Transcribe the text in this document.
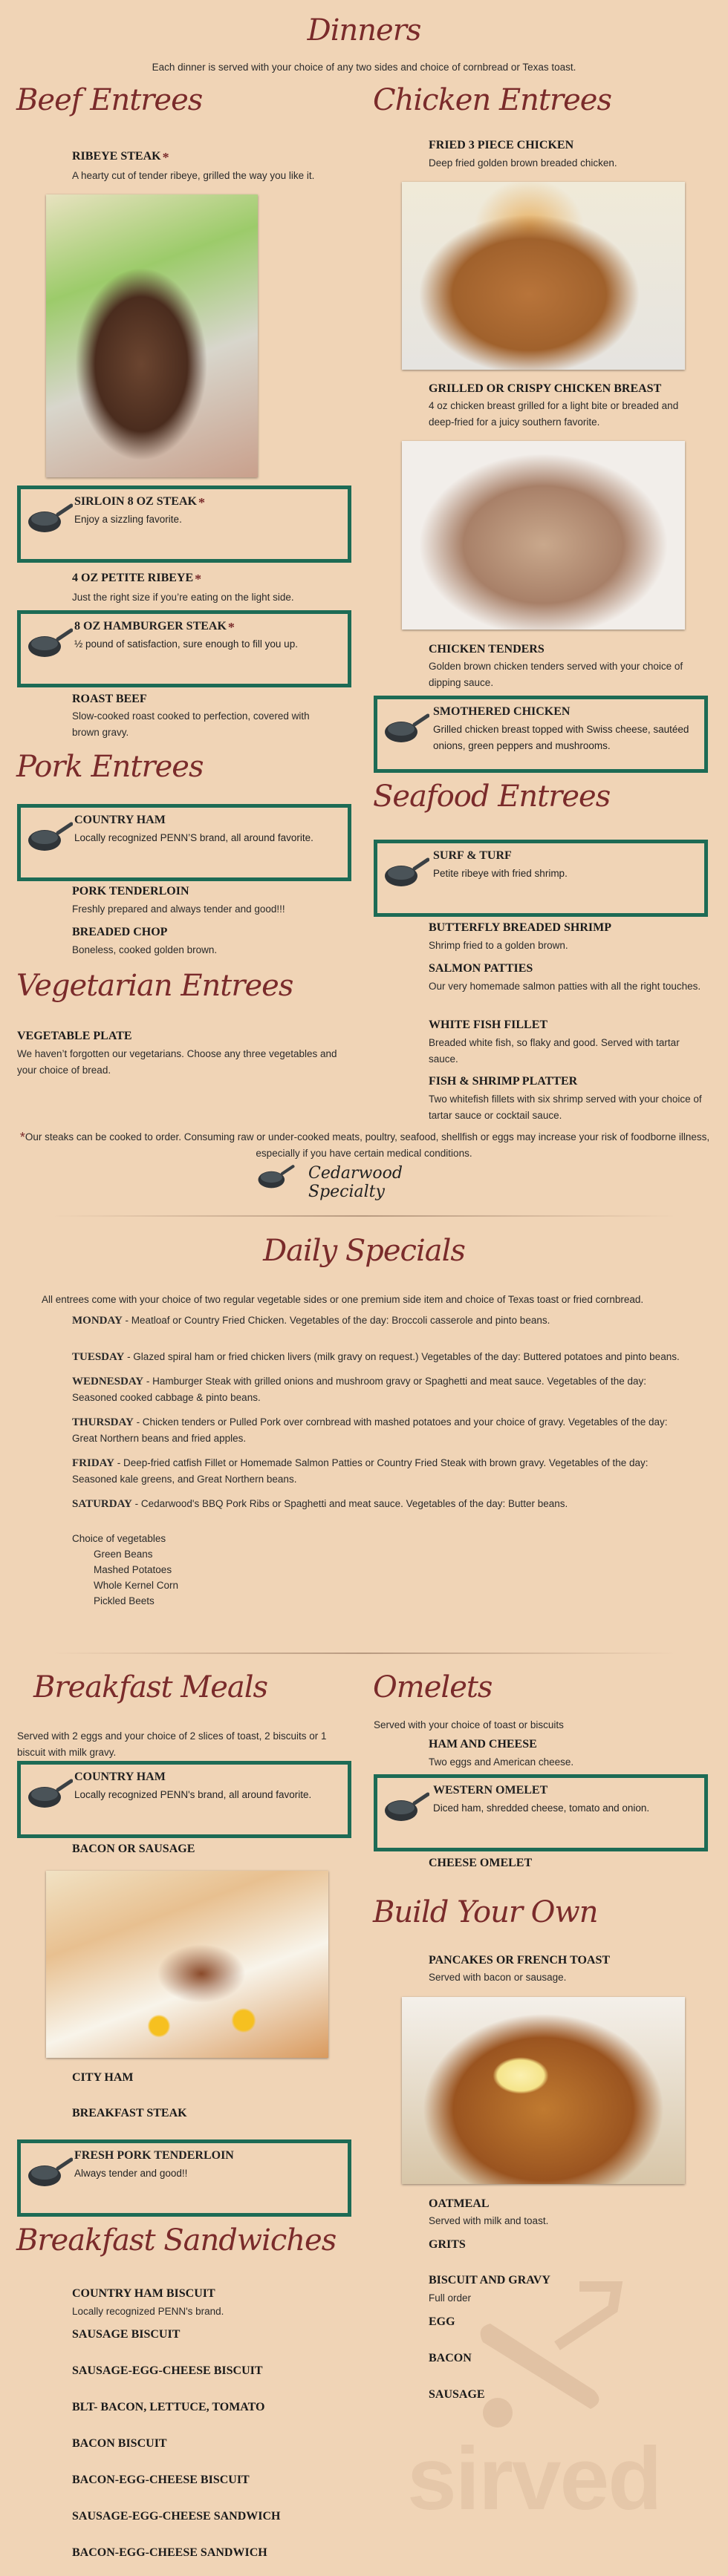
Dinners
Each dinner is served with your choice of any two sides and choice of cornbread or Texas toast.
Beef Entrees	Chicken Entrees
RIBEYE STEAK *
A hearty cut of tender ribeye, grilled the way you like it.
SIRLOIN 8 OZ STEAK *
Enjoy a sizzling favorite.
4 OZ PETITE RIBEYE *
Just the right size if you’re eating on the light side.
8 OZ HAMBURGER STEAK *
½ pound of satisfaction, sure enough to fill you up.
ROAST BEEF
Slow-cooked roast cooked to perfection, covered with brown gravy.
Pork Entrees
COUNTRY HAM
Locally recognized PENN’S brand, all around favorite.
PORK TENDERLOIN
Freshly prepared and always tender and good!!!
BREADED CHOP
Boneless, cooked golden brown.
Vegetarian Entrees
VEGETABLE PLATE
We haven’t forgotten our vegetarians. Choose any three vegetables and your choice of bread.
FRIED 3 PIECE CHICKEN
Deep fried golden brown breaded chicken.
GRILLED OR CRISPY CHICKEN BREAST
4 oz chicken breast grilled for a light bite or breaded and deep-fried for a juicy southern favorite.
CHICKEN TENDERS
Golden brown chicken tenders served with your choice of dipping sauce.
SMOTHERED CHICKEN
Grilled chicken breast topped with Swiss cheese, sautéed onions, green peppers and mushrooms.
Seafood Entrees
SURF & TURF
Petite ribeye with fried shrimp.
BUTTERFLY BREADED SHRIMP
Shrimp fried to a golden brown.
SALMON PATTIES
Our very homemade salmon patties with all the right touches.
WHITE FISH FILLET
Breaded white fish, so flaky and good. Served with tartar sauce.
FISH & SHRIMP PLATTER
Two whitefish fillets with six shrimp served with your choice of tartar sauce or cocktail sauce.
*Our steaks can be cooked to order. Consuming raw or under-cooked meats, poultry, seafood, shellfish or eggs may increase your risk of foodborne illness, especially if you have certain medical conditions.
Cedarwood Specialty
Daily Specials
All entrees come with your choice of two regular vegetable sides or one premium side item and choice of Texas toast or fried cornbread.

MONDAY - Meatloaf or Country Fried Chicken. Vegetables of the day: Broccoli casserole and pinto beans.

TUESDAY - Glazed spiral ham or fried chicken livers (milk gravy on request.) Vegetables of the day: Buttered potatoes and pinto beans.

WEDNESDAY - Hamburger Steak with grilled onions and mushroom gravy or Spaghetti and meat sauce. Vegetables of the day: Seasoned cooked cabbage & pinto beans.

THURSDAY - Chicken tenders or Pulled Pork over cornbread with mashed potatoes and your choice of gravy. Vegetables of the day: Great Northern beans and fried apples.

FRIDAY - Deep-fried catfish Fillet or Homemade Salmon Patties or Country Fried Steak with brown gravy. Vegetables of the day: Seasoned kale greens, and Great Northern beans.

SATURDAY - Cedarwood's BBQ Pork Ribs or Spaghetti and meat sauce. Vegetables of the day: Butter beans.

Choice of vegetables

Green Beans

Mashed Potatoes

Whole Kernel Corn

Pickled Beets

Breakfast Meals
Served with 2 eggs and your choice of 2 slices of toast, 2 biscuits or 1 biscuit with milk gravy.
COUNTRY HAM
Locally recognized PENN's brand, all around favorite.
BACON OR SAUSAGE
CITY HAM
BREAKFAST STEAK
FRESH PORK TENDERLOIN
Always tender and good!!
Breakfast Sandwiches
COUNTRY HAM BISCUIT
Locally recognized PENN's brand.
SAUSAGE BISCUIT
SAUSAGE-EGG-CHEESE BISCUIT
BLT- BACON, LETTUCE, TOMATO
BACON BISCUIT
BACON-EGG-CHEESE BISCUIT
SAUSAGE-EGG-CHEESE SANDWICH
BACON-EGG-CHEESE SANDWICH
Omelets
Served with your choice of toast or biscuits
HAM AND CHEESE
Two eggs and American cheese.
WESTERN OMELET
Diced ham, shredded cheese, tomato and onion.
CHEESE OMELET
Build Your Own
PANCAKES OR FRENCH TOAST
Served with bacon or sausage.
OATMEAL
Served with milk and toast.
GRITS
BISCUIT AND GRAVY
Full order
EGG
BACON
SAUSAGE
sirved
